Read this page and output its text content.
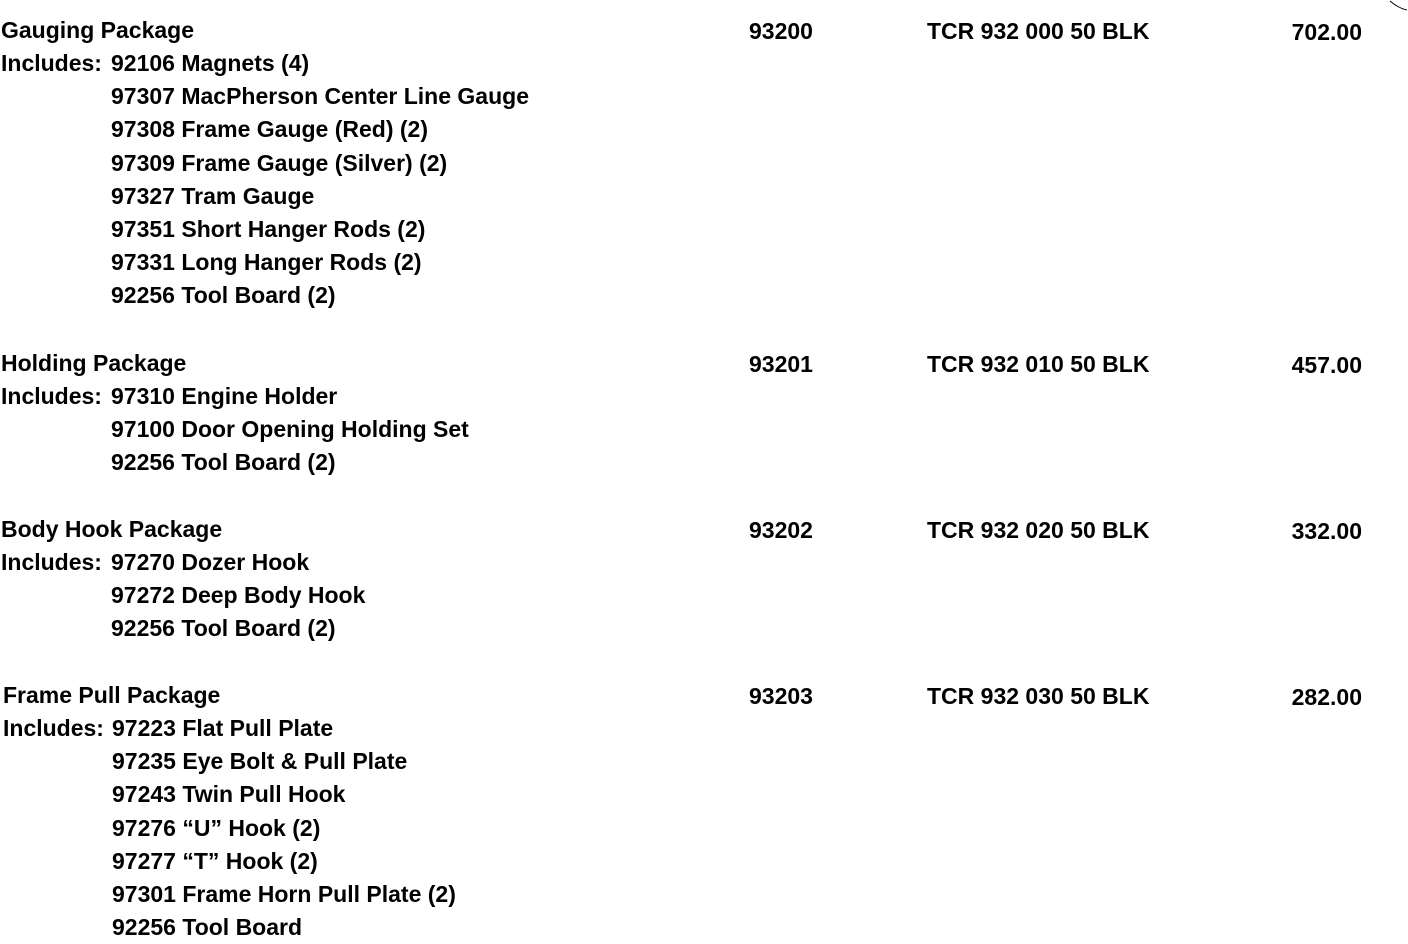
Gauging Package	93200	TCR 932 000 50 BLK	702.00
Includes: 92106 Magnets (4)
97307 MacPherson Center Line Gauge
97308 Frame Gauge (Red) (2)
97309 Frame Gauge (Silver) (2)
97327 Tram Gauge
97351 Short Hanger Rods (2)
97331 Long Hanger Rods (2)
92256 Tool Board (2)
Holding Package	93201	TCR 932 010 50 BLK	457.00
Includes: 97310 Engine Holder
97100 Door Opening Holding Set
92256 Tool Board (2)
Body Hook Package	93202	TCR 932 020 50 BLK	332.00
Includes: 97270 Dozer Hook
97272 Deep Body Hook
92256 Tool Board (2)
Frame Pull Package	93203	TCR 932 030 50 BLK	282.00
Includes: 97223 Flat Pull Plate
97235 Eye Bolt & Pull Plate
97243 Twin Pull Hook
97276 “U” Hook (2)
97277 “T” Hook (2)
97301 Frame Horn Pull Plate (2)
92256 Tool Board
